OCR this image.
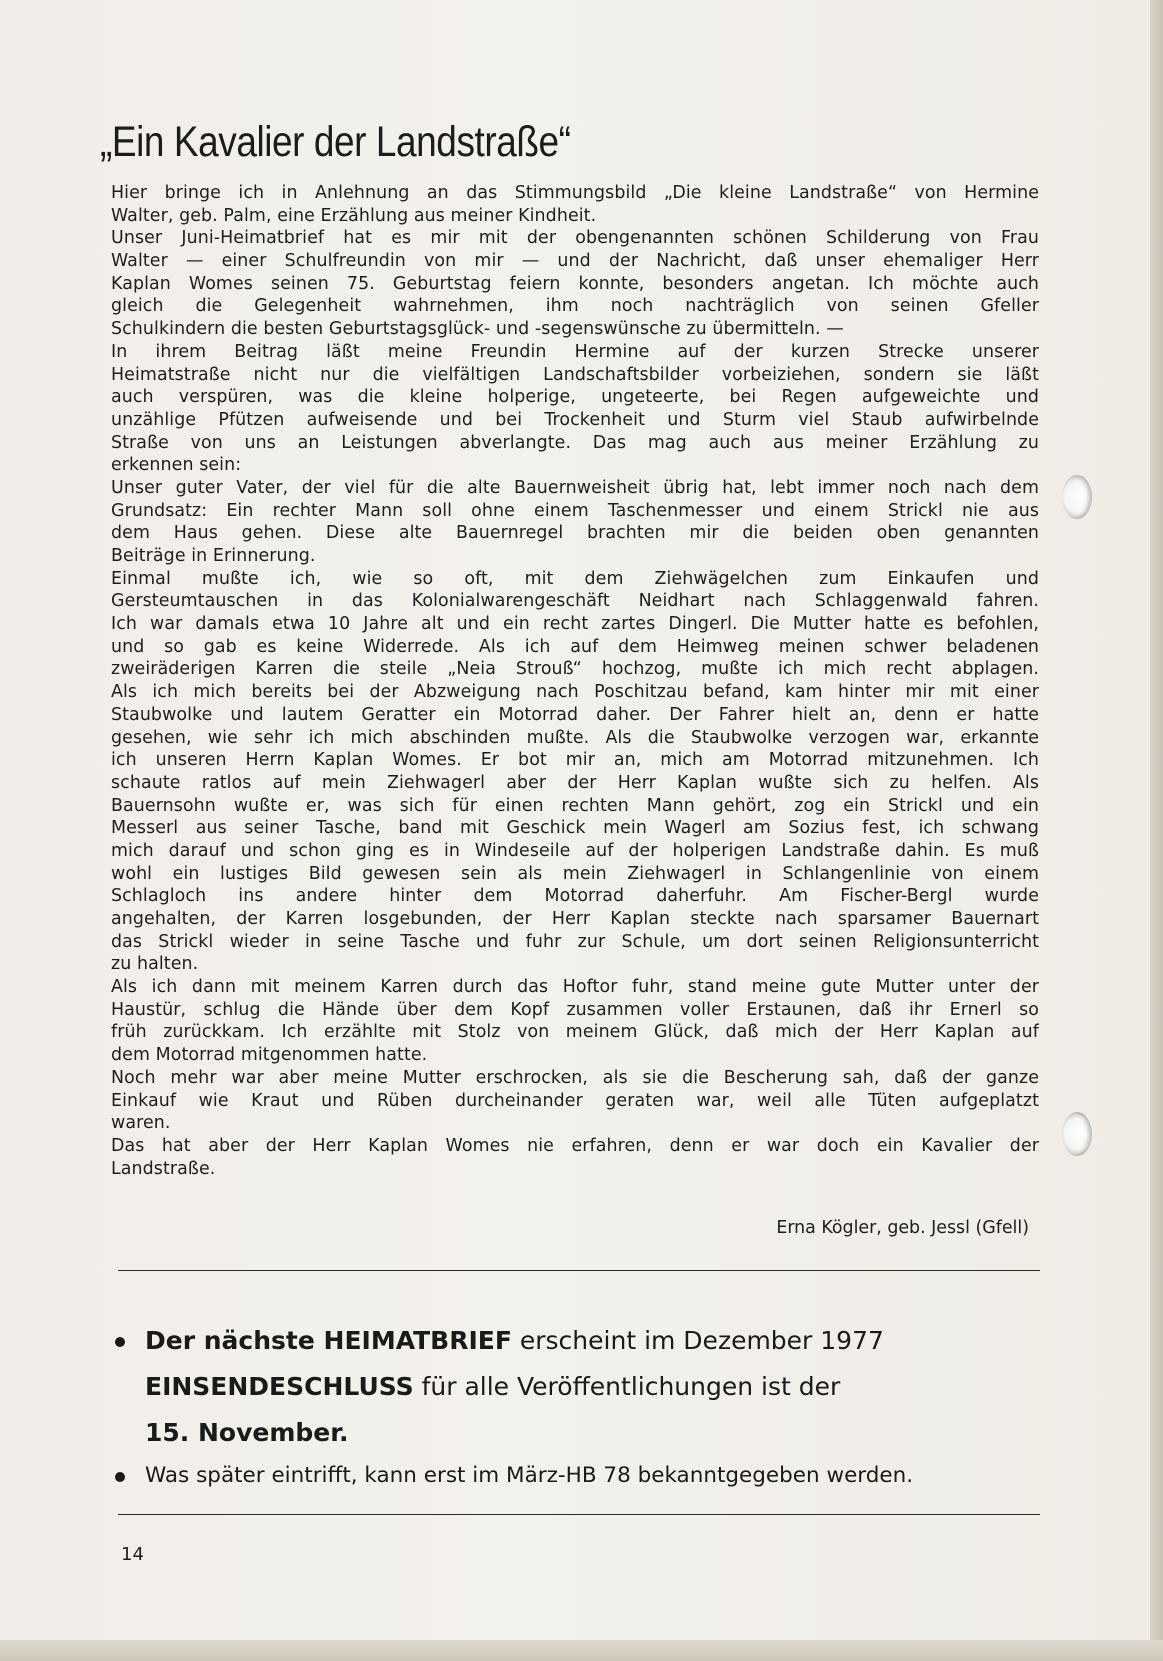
„Ein Kavalier der Landstraße“
Hier bringe ich in Anlehnung an das Stimmungsbild „Die kleine Landstraße“ von Hermine
Walter, geb. Palm, eine Erzählung aus meiner Kindheit.
Unser Juni-Heimatbrief hat es mir mit der obengenannten schönen Schilderung von Frau
Walter — einer Schulfreundin von mir — und der Nachricht, daß unser ehemaliger Herr
Kaplan Womes seinen 75. Geburtstag feiern konnte, besonders angetan. Ich möchte auch
gleich die Gelegenheit wahrnehmen, ihm noch nachträglich von seinen Gfeller
Schulkindern die besten Geburtstagsglück- und -segenswünsche zu übermitteln. —
In ihrem Beitrag läßt meine Freundin Hermine auf der kurzen Strecke unserer
Heimatstraße nicht nur die vielfältigen Landschaftsbilder vorbeiziehen, sondern sie läßt
auch verspüren, was die kleine holperige, ungeteerte, bei Regen aufgeweichte und
unzählige Pfützen aufweisende und bei Trockenheit und Sturm viel Staub aufwirbelnde
Straße von uns an Leistungen abverlangte. Das mag auch aus meiner Erzählung zu
erkennen sein:
Unser guter Vater, der viel für die alte Bauernweisheit übrig hat, lebt immer noch nach dem
Grundsatz: Ein rechter Mann soll ohne einem Taschenmesser und einem Strickl nie aus
dem Haus gehen. Diese alte Bauernregel brachten mir die beiden oben genannten
Beiträge in Erinnerung.
Einmal mußte ich, wie so oft, mit dem Ziehwägelchen zum Einkaufen und
Gersteumtauschen in das Kolonialwarengeschäft Neidhart nach Schlaggenwald fahren.
Ich war damals etwa 10 Jahre alt und ein recht zartes Dingerl. Die Mutter hatte es befohlen,
und so gab es keine Widerrede. Als ich auf dem Heimweg meinen schwer beladenen
zweiräderigen Karren die steile „Neia Strouß“ hochzog, mußte ich mich recht abplagen.
Als ich mich bereits bei der Abzweigung nach Poschitzau befand, kam hinter mir mit einer
Staubwolke und lautem Geratter ein Motorrad daher. Der Fahrer hielt an, denn er hatte
gesehen, wie sehr ich mich abschinden mußte. Als die Staubwolke verzogen war, erkannte
ich unseren Herrn Kaplan Womes. Er bot mir an, mich am Motorrad mitzunehmen. Ich
schaute ratlos auf mein Ziehwagerl aber der Herr Kaplan wußte sich zu helfen. Als
Bauernsohn wußte er, was sich für einen rechten Mann gehört, zog ein Strickl und ein
Messerl aus seiner Tasche, band mit Geschick mein Wagerl am Sozius fest, ich schwang
mich darauf und schon ging es in Windeseile auf der holperigen Landstraße dahin. Es muß
wohl ein lustiges Bild gewesen sein als mein Ziehwagerl in Schlangenlinie von einem
Schlagloch ins andere hinter dem Motorrad daherfuhr. Am Fischer-Bergl wurde
angehalten, der Karren losgebunden, der Herr Kaplan steckte nach sparsamer Bauernart
das Strickl wieder in seine Tasche und fuhr zur Schule, um dort seinen Religionsunterricht
zu halten.
Als ich dann mit meinem Karren durch das Hoftor fuhr, stand meine gute Mutter unter der
Haustür, schlug die Hände über dem Kopf zusammen voller Erstaunen, daß ihr Ernerl so
früh zurückkam. Ich erzählte mit Stolz von meinem Glück, daß mich der Herr Kaplan auf
dem Motorrad mitgenommen hatte.
Noch mehr war aber meine Mutter erschrocken, als sie die Bescherung sah, daß der ganze
Einkauf wie Kraut und Rüben durcheinander geraten war, weil alle Tüten aufgeplatzt
waren.
Das hat aber der Herr Kaplan Womes nie erfahren, denn er war doch ein Kavalier der
Landstraße.
Erna Kögler, geb. Jessl (Gfell)
Der nächste HEIMATBRIEF erscheint im Dezember 1977
EINSENDESCHLUSS für alle Veröffentlichungen ist der
15. November.
Was später eintrifft, kann erst im März-HB 78 bekanntgegeben werden.
14
